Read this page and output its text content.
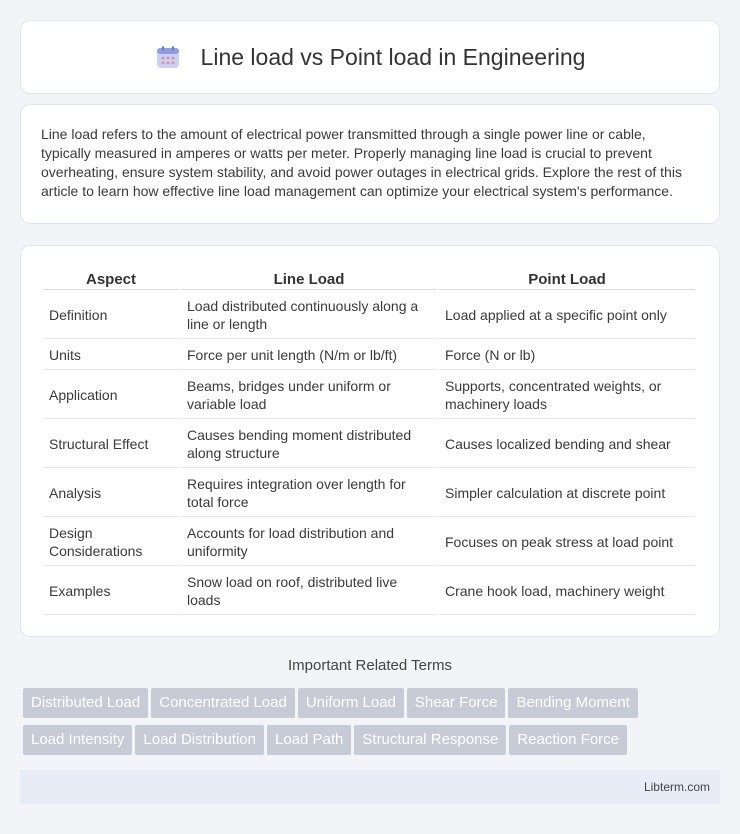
Line load vs Point load in Engineering

Line load refers to the amount of electrical power transmitted through a single power line or cable, typically measured in amperes or watts per meter. Properly managing line load is crucial to prevent overheating, ensure system stability, and avoid power outages in electrical grids. Explore the rest of this article to learn how effective line load management can optimize your electrical system's performance.

Aspect	Line Load	Point Load
Definition	Load distributed continuously along a line or length	Load applied at a specific point only
Units	Force per unit length (N/m or lb/ft)	Force (N or lb)
Application	Beams, bridges under uniform or variable load	Supports, concentrated weights, or machinery loads
Structural Effect	Causes bending moment distributed along structure	Causes localized bending and shear
Analysis	Requires integration over length for total force	Simpler calculation at discrete point
Design Considerations	Accounts for load distribution and uniformity	Focuses on peak stress at load point
Examples	Snow load on roof, distributed live loads	Crane hook load, machinery weight
Important Related Terms
Distributed Load Concentrated Load Uniform Load Shear Force Bending Moment
Load Intensity Load Distribution Load Path Structural Response Reaction Force
Libterm.com
